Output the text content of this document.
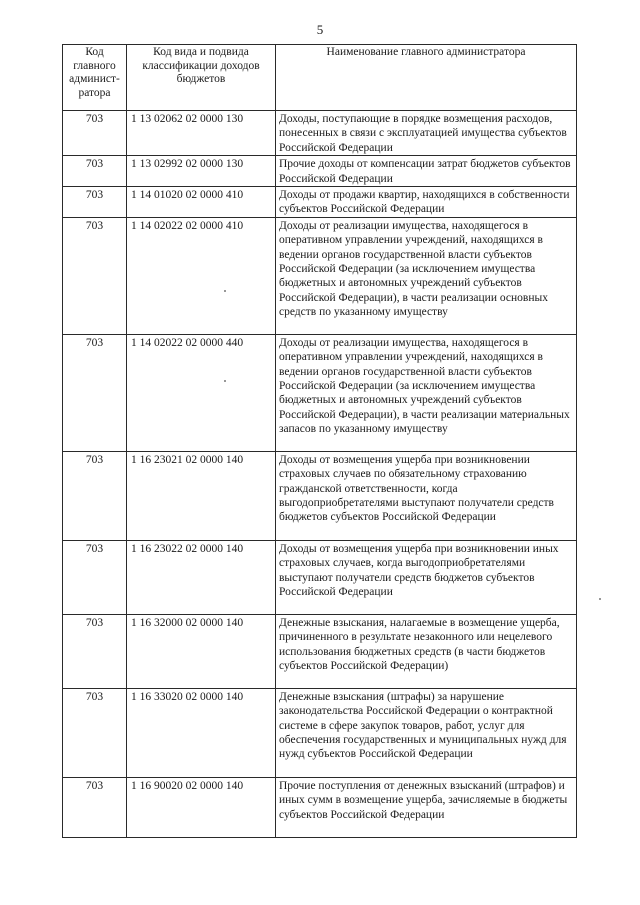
5
Код главного админист-ратора	Код вида и подвида классификации доходов бюджетов	Наименование главного администратора
703	1 13 02062 02 0000 130	Доходы, поступающие в порядке возмещения расходов, понесенных в связи с эксплуатацией имущества субъектов Российской Федерации
703	1 13 02992 02 0000 130	Прочие доходы от компенсации затрат бюджетов субъектов Российской Федерации
703	1 14 01020 02 0000 410	Доходы от продажи квартир, находящихся в собственности субъектов Российской Федерации
703	1 14 02022 02 0000 410	Доходы от реализации имущества, находящегося в оперативном управлении учреждений, находящихся в ведении органов государственной власти субъектов Российской Федерации (за исключением имущества бюджетных и автономных учреждений субъектов Российской Федерации), в части реализации основных средств по указанному имуществу
703	1 14 02022 02 0000 440	Доходы от реализации имущества, находящегося в оперативном управлении учреждений, находящихся в ведении органов государственной власти субъектов Российской Федерации (за исключением имущества бюджетных и автономных учреждений субъектов Российской Федерации), в части реализации материальных запасов по указанному имуществу
703	1 16 23021 02 0000 140	Доходы от возмещения ущерба при возникновении страховых случаев по обязательному страхованию гражданской ответственности, когда выгодоприобретателями выступают получатели средств бюджетов субъектов Российской Федерации
703	1 16 23022 02 0000 140	Доходы от возмещения ущерба при возникновении иных страховых случаев, когда выгодоприобретателями выступают получатели средств бюджетов субъектов Российской Федерации
703	1 16 32000 02 0000 140	Денежные взыскания, налагаемые в возмещение ущерба, причиненного в результате незаконного или нецелевого использования бюджетных средств (в части бюджетов субъектов Российской Федерации)
703	1 16 33020 02 0000 140	Денежные взыскания (штрафы) за нарушение законодательства Российской Федерации о контрактной системе в сфере закупок товаров, работ, услуг для обеспечения государственных и муниципальных нужд для нужд субъектов Российской Федерации
703	1 16 90020 02 0000 140	Прочие поступления от денежных взысканий (штрафов) и иных сумм в возмещение ущерба, зачисляемые в бюджеты субъектов Российской Федерации
